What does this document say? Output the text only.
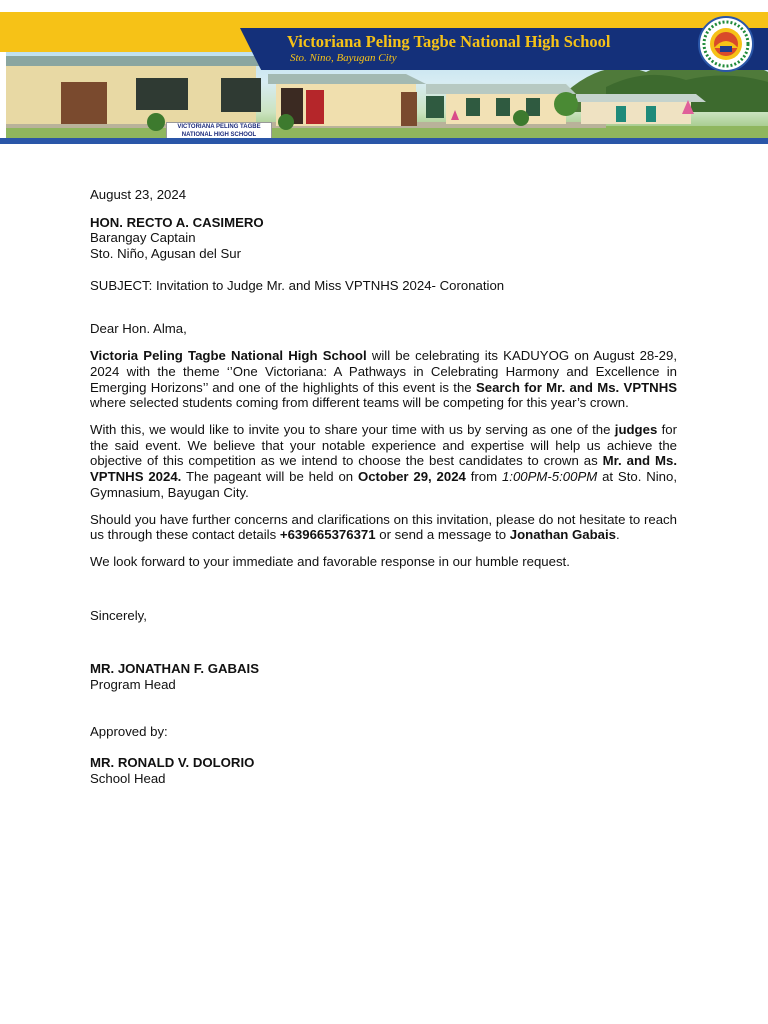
VICTORIANA PELING TAGBE NATIONAL HIGH SCHOOL
Victoriana Peling Tagbe National High School
Sto. Nino, Bayugan City

August 23, 2024

HON. RECTO A. CASIMERO
Barangay Captain
Sto. Niño, Agusan del Sur

SUBJECT: Invitation to Judge Mr. and Miss VPTNHS 2024- Coronation

Dear Hon. Alma,

Victoria Peling Tagbe National High School will be celebrating its KADUYOG on August 28-29, 2024 with the theme ‘’One Victoriana: A Pathways in Celebrating Harmony and Excellence in Emerging Horizons’’ and one of the highlights of this event is the Search for Mr. and Ms. VPTNHS where selected students coming from different teams will be competing for this year’s crown.

With this, we would like to invite you to share your time with us by serving as one of the judges for the said event. We believe that your notable experience and expertise will help us achieve the objective of this competition as we intend to choose the best candidates to crown as Mr. and Ms. VPTNHS 2024. The pageant will be held on October 29, 2024 from 1:00PM-5:00PM at Sto. Nino, Gymnasium, Bayugan City.

Should you have further concerns and clarifications on this invitation, please do not hesitate to reach us through these contact details +639665376371 or send a message to Jonathan Gabais.

We look forward to your immediate and favorable response in our humble request.

Sincerely,

MR. JONATHAN F. GABAIS
Program Head

Approved by:

MR. RONALD V. DOLORIO
School Head
